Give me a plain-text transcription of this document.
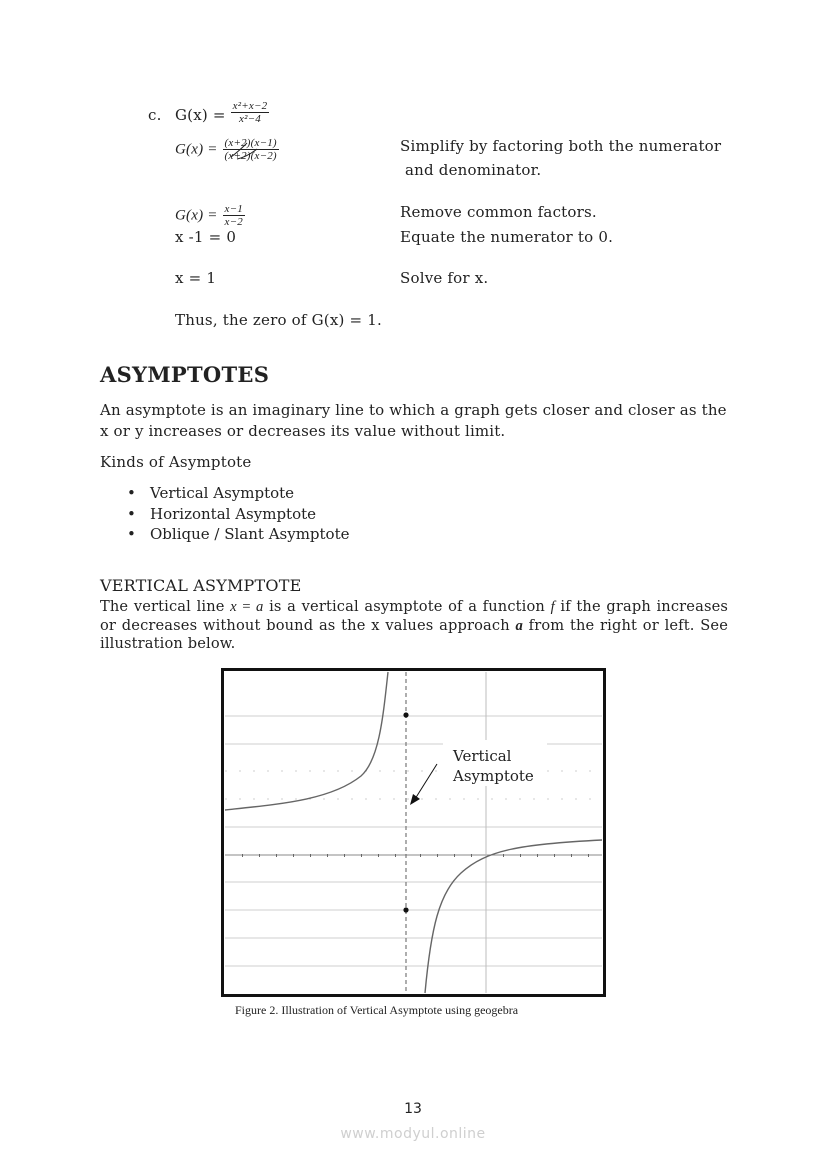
c. $G(x) = \frac{\text{x²+x−2}}{\text{x²−4}}$
$G(x) = \frac{(x+2)(x-1)}{(x+2)(x-2)}$	Simplify by factoring both the numerator
and denominator.
$G(x) = \frac{x-1}{x-2}$	Remove common factors.
x -1 = 0	Equate the numerator to 0.
x = 1	Solve for x.
Thus, the zero of G(x) = 1.
ASYMPTOTES
An asymptote is an imaginary line to which a graph gets closer and closer as the x or y increases or decreases its value without limit.
Kinds of Asymptote
• Vertical Asymptote
• Horizontal Asymptote
• Oblique / Slant Asymptote
VERTICAL ASYMPTOTE
The vertical line x = a is a vertical asymptote of a function f if the graph increases or decreases without bound as the x values approach a from the right or left. See illustration below.
Vertical
Asymptote
Figure 2. Illustration of Vertical Asymptote using geogebra
13
www.modyul.online
